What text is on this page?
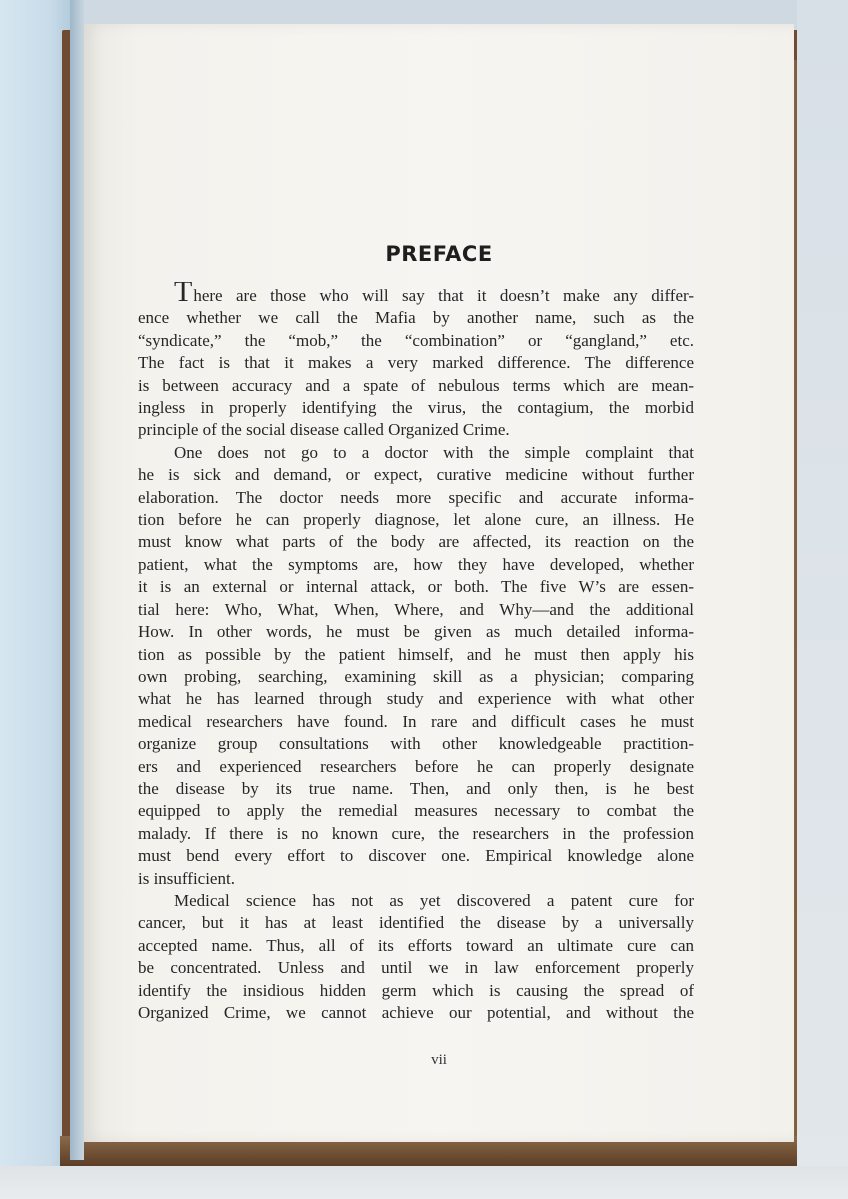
PREFACE
There are those who will say that it doesn’t make any differ-
ence whether we call the Mafia by another name, such as the
“syndicate,” the “mob,” the “combination” or “gangland,” etc.
The fact is that it makes a very marked difference. The difference
is between accuracy and a spate of nebulous terms which are mean-
ingless in properly identifying the virus, the contagium, the morbid
principle of the social disease called Organized Crime.
One does not go to a doctor with the simple complaint that
he is sick and demand, or expect, curative medicine without further
elaboration. The doctor needs more specific and accurate informa-
tion before he can properly diagnose, let alone cure, an illness. He
must know what parts of the body are affected, its reaction on the
patient, what the symptoms are, how they have developed, whether
it is an external or internal attack, or both. The five W’s are essen-
tial here: Who, What, When, Where, and Why—and the additional
How. In other words, he must be given as much detailed informa-
tion as possible by the patient himself, and he must then apply his
own probing, searching, examining skill as a physician; comparing
what he has learned through study and experience with what other
medical researchers have found. In rare and difficult cases he must
organize group consultations with other knowledgeable practition-
ers and experienced researchers before he can properly designate
the disease by its true name. Then, and only then, is he best
equipped to apply the remedial measures necessary to combat the
malady. If there is no known cure, the researchers in the profession
must bend every effort to discover one. Empirical knowledge alone
is insufficient.
Medical science has not as yet discovered a patent cure for
cancer, but it has at least identified the disease by a universally
accepted name. Thus, all of its efforts toward an ultimate cure can
be concentrated. Unless and until we in law enforcement properly
identify the insidious hidden germ which is causing the spread of
Organized Crime, we cannot achieve our potential, and without the
vii
